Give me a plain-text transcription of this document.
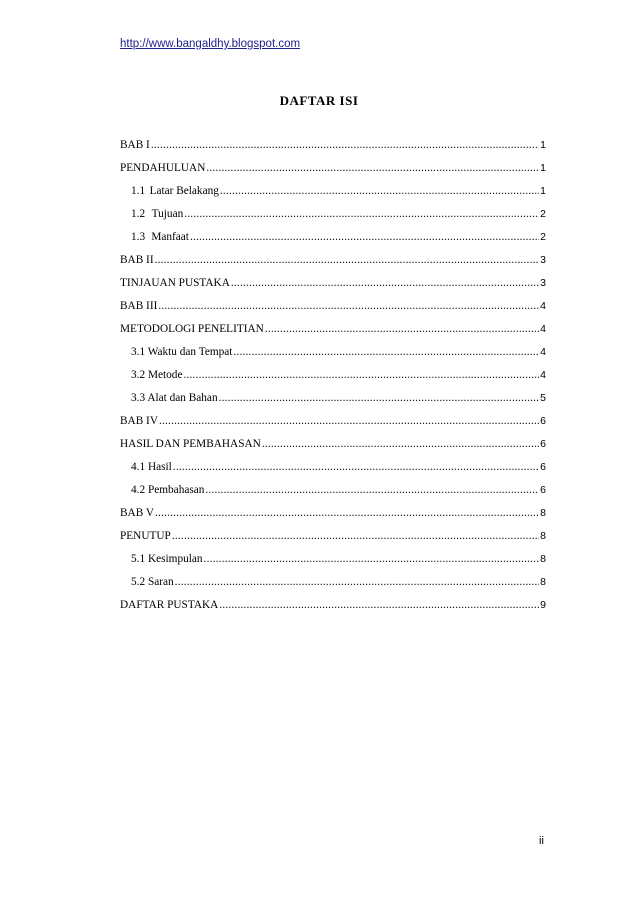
http://www.bangaldhy.blogspot.com
DAFTAR ISI
BAB I .....	1
PENDAHULUAN .....	1
1.1 Latar Belakang .....	1
1.2 Tujuan .....	2
1.3 Manfaat .....	2
BAB II .....	3
TINJAUAN PUSTAKA .....	3
BAB III .....	4
METODOLOGI PENELITIAN .....	4
3.1 Waktu dan Tempat .....	4
3.2 Metode .....	4
3.3 Alat dan Bahan .....	5
BAB IV .....	6
HASIL DAN PEMBAHASAN .....	6
4.1 Hasil .....	6
4.2 Pembahasan .....	6
BAB V .....	8
PENUTUP .....	8
5.1 Kesimpulan .....	8
5.2 Saran .....	8
DAFTAR PUSTAKA .....	9
ii
